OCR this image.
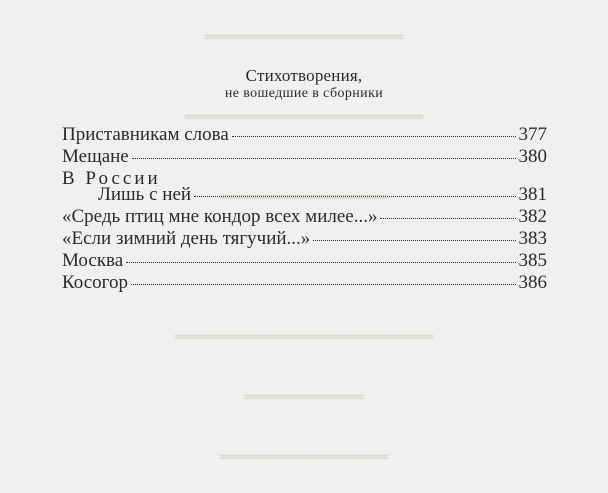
════════════════════
════════════════════════
═════════════════
══════════════════════════
════════════
═════════════════
Стихотворения,
не вошедшие в сборники
Приставникам слова	377
Мещане	380
В России
Лишь с ней	381
«Средь птиц мне кондор всех милее...»	382
«Если зимний день тягучий...»	383
Москва	385
Косогор	386
